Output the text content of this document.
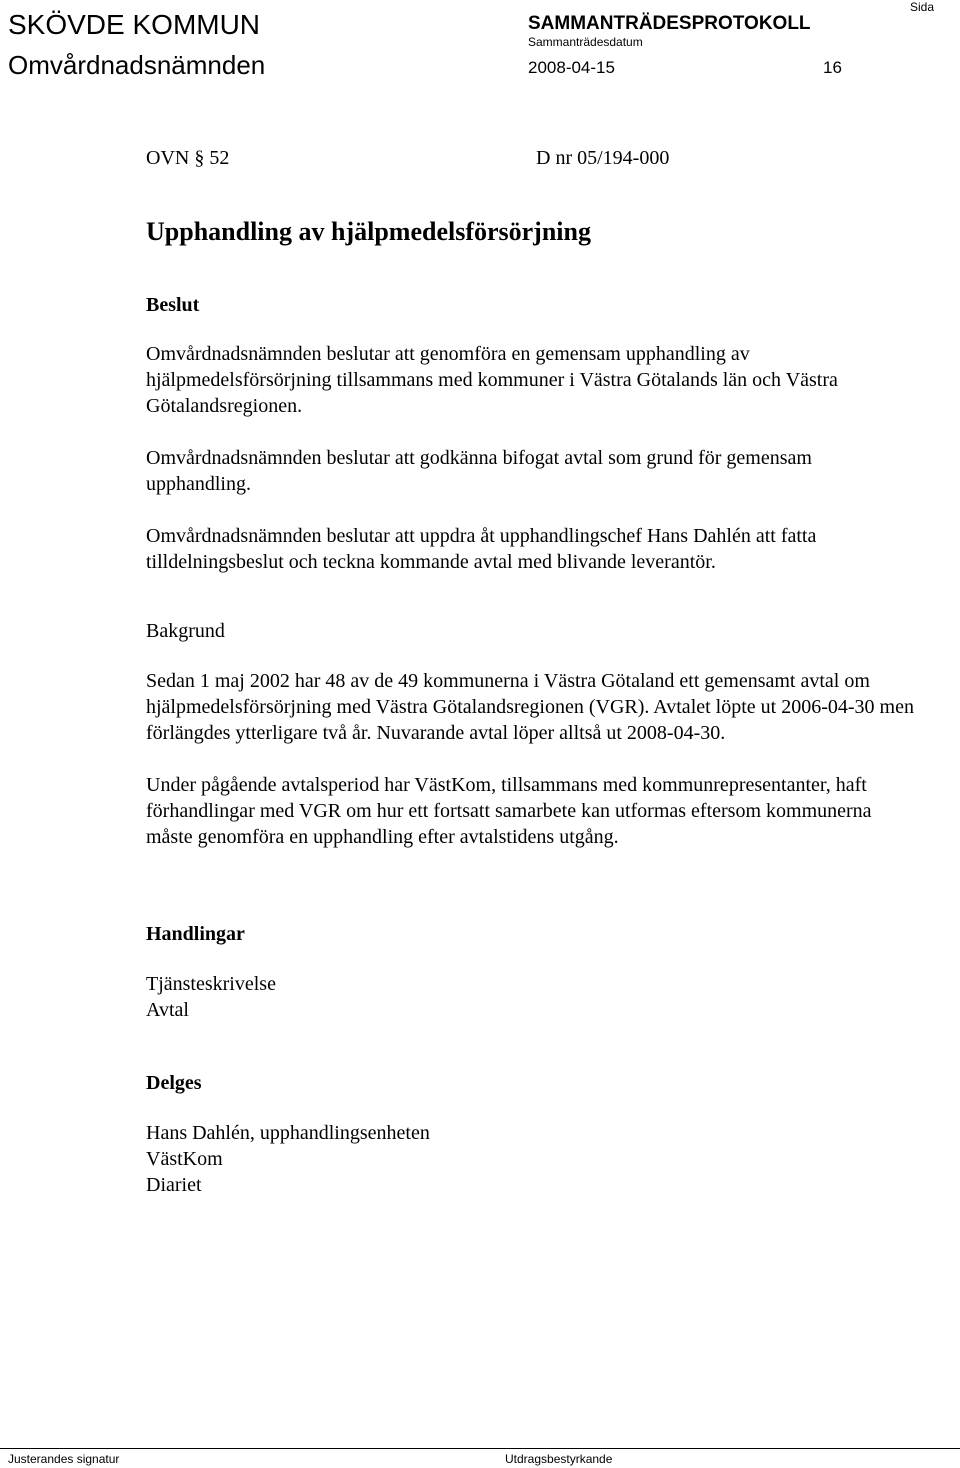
SKÖVDE KOMMUN
Omvårdnadsnämnden
SAMMANTRÄDESPROTOKOLL
Sammanträdesdatum
2008-04-15
Sida
16
OVN § 52	D nr 05/194-000
Upphandling av hjälpmedelsförsörjning
Beslut

Omvårdnadsnämnden beslutar att genomföra en gemensam upphandling av hjälpmedelsförsörjning tillsammans med kommuner i Västra Götalands län och Västra Götalandsregionen.

Omvårdnadsnämnden beslutar att godkänna bifogat avtal som grund för gemensam upphandling.

Omvårdnadsnämnden beslutar att uppdra åt upphandlingschef Hans Dahlén att fatta tilldelningsbeslut och teckna kommande avtal med blivande leverantör.

Bakgrund

Sedan 1 maj 2002 har 48 av de 49 kommunerna i Västra Götaland ett gemensamt avtal om hjälpmedelsförsörjning med Västra Götalandsregionen (VGR). Avtalet löpte ut 2006-04-30 men förlängdes ytterligare två år. Nuvarande avtal löper alltså ut 2008-04-30.

Under pågående avtalsperiod har VästKom, tillsammans med kommunrepresentanter, haft förhandlingar med VGR om hur ett fortsatt samarbete kan utformas eftersom kommunerna måste genomföra en upphandling efter avtalstidens utgång.

Handlingar
Tjänsteskrivelse
Avtal
Delges
Hans Dahlén, upphandlingsenheten
VästKom
Diariet
Justerandes signatur	Utdragsbestyrkande
